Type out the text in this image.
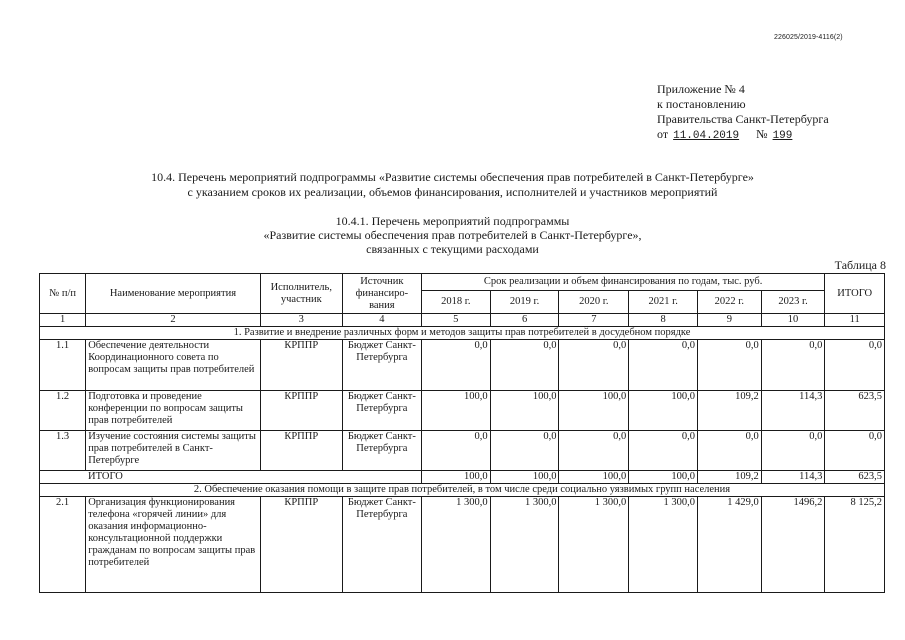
226025/2019-4116(2)
Приложение № 4
к постановлению
Правительства Санкт-Петербурга
от 11.04.2019 № 199
10.4. Перечень мероприятий подпрограммы «Развитие системы обеспечения прав потребителей в Санкт-Петербурге»
с указанием сроков их реализации, объемов финансирования, исполнителей и участников мероприятий
10.4.1. Перечень мероприятий подпрограммы
«Развитие системы обеспечения прав потребителей в Санкт-Петербурге»,
связанных с текущими расходами
Таблица 8
№ п/п	Наименование мероприятия	Исполнитель, участник	Источник финансиро-вания	Срок реализации и объем финансирования по годам, тыс. руб.						ИТОГО
				2018 г.	2019 г.	2020 г.	2021 г.	2022 г.	2023 г.	
1	2	3	4	5	6	7	8	9	10	11
1. Развитие и внедрение различных форм и методов защиты прав потребителей в досудебном порядке										
1.1	Обеспечение деятельности Координационного совета по вопросам защиты прав потребителей	КРППР	Бюджет Санкт-Петербурга	0,0	0,0	0,0	0,0	0,0	0,0	0,0
1.2	Подготовка и проведение конференции по вопросам защиты прав потребителей	КРППР	Бюджет Санкт-Петербурга	100,0	100,0	100,0	100,0	109,2	114,3	623,5
1.3	Изучение состояния системы защиты прав потребителей в Санкт-Петербурге	КРППР	Бюджет Санкт-Петербурга	0,0	0,0	0,0	0,0	0,0	0,0	0,0
ИТОГО				100,0	100,0	100,0	100,0	109,2	114,3	623,5
2. Обеспечение оказания помощи в защите прав потребителей, в том числе среди социально уязвимых групп населения										
2.1	Организация функционирования телефона «горячей линии» для оказания информационно-консультационной поддержки гражданам по вопросам защиты прав потребителей	КРППР	Бюджет Санкт-Петербурга	1 300,0	1 300,0	1 300,0	1 300,0	1 429,0	1496,2	8 125,2
